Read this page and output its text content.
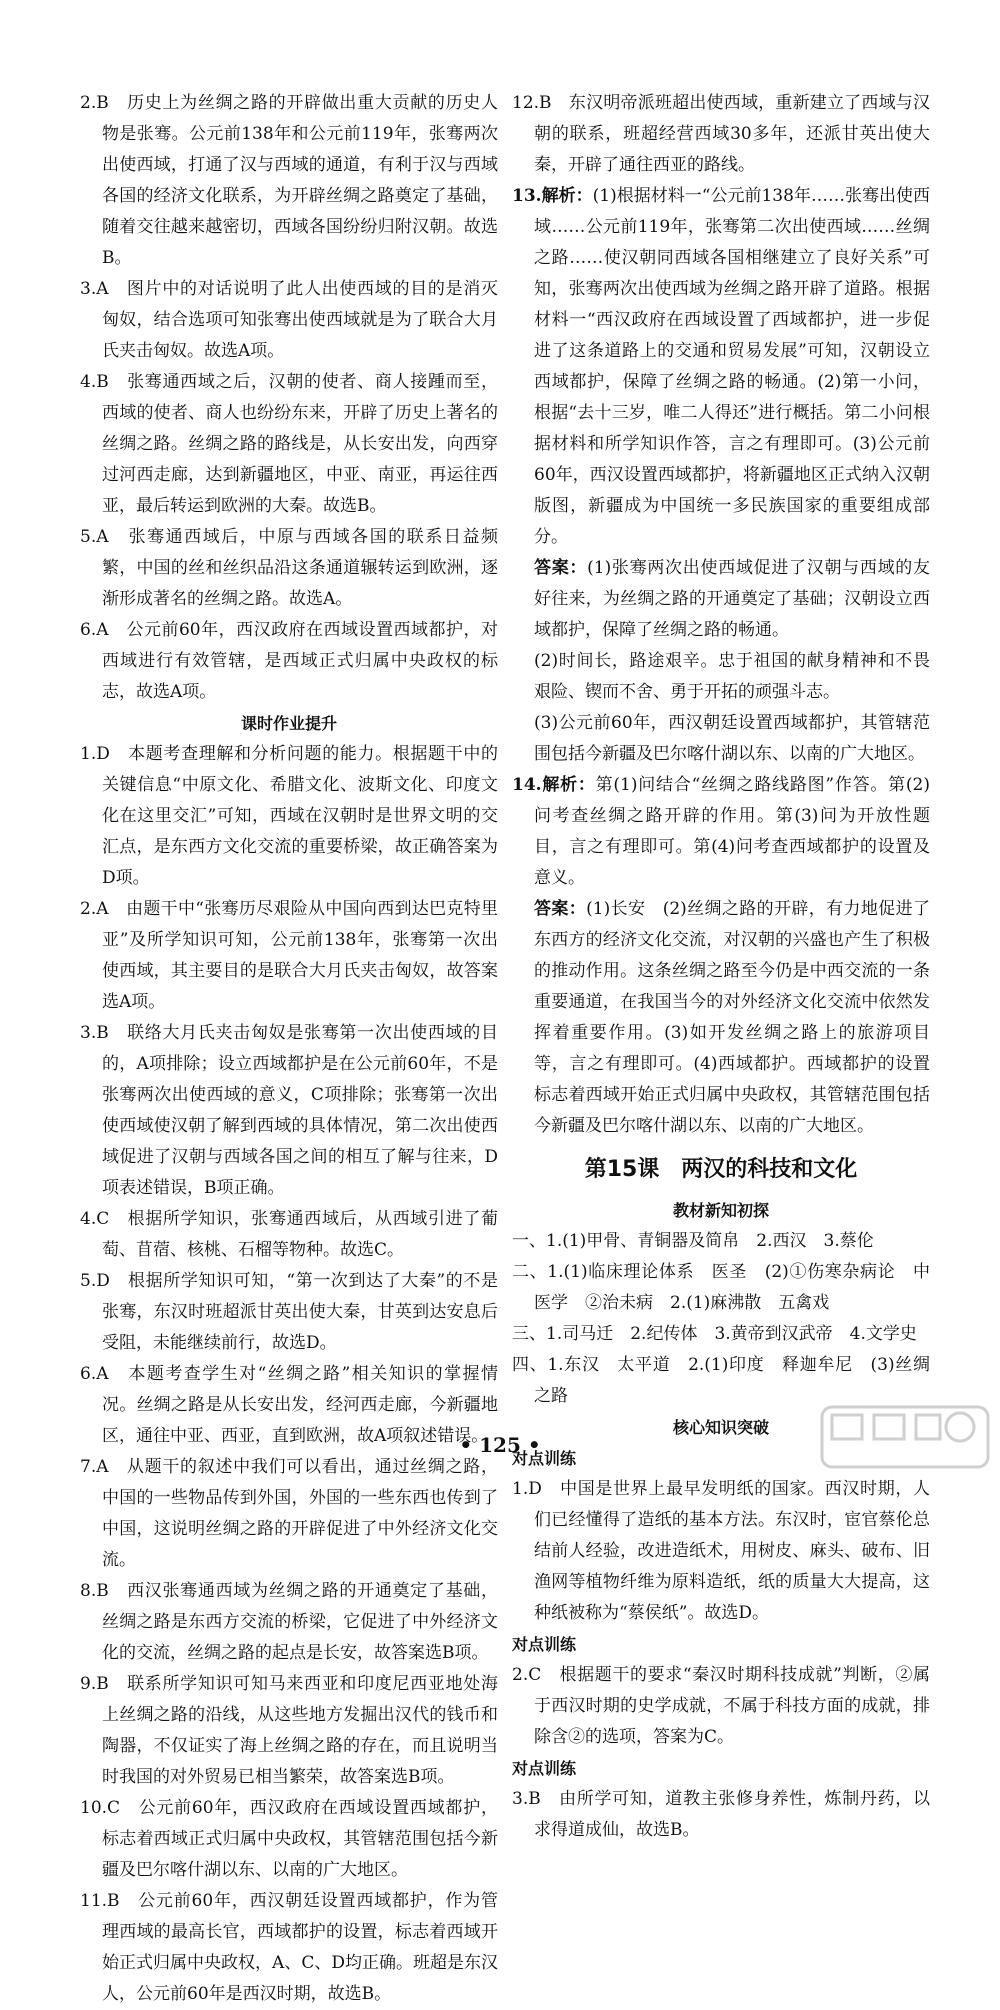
2.B　历史上为丝绸之路的开辟做出重大贡献的历史人物是张骞。公元前138年和公元前119年，张骞两次出使西域，打通了汉与西域的通道，有利于汉与西域各国的经济文化联系，为开辟丝绸之路奠定了基础，随着交往越来越密切，西域各国纷纷归附汉朝。故选B。

3.A　图片中的对话说明了此人出使西域的目的是消灭匈奴，结合选项可知张骞出使西域就是为了联合大月氏夹击匈奴。故选A项。

4.B　张骞通西域之后，汉朝的使者、商人接踵而至，西域的使者、商人也纷纷东来，开辟了历史上著名的丝绸之路。丝绸之路的路线是，从长安出发，向西穿过河西走廊，达到新疆地区，中亚、南亚，再运往西亚，最后转运到欧洲的大秦。故选B。

5.A　张骞通西域后，中原与西域各国的联系日益频繁，中国的丝和丝织品沿这条通道辗转运到欧洲，逐渐形成著名的丝绸之路。故选A。

6.A　公元前60年，西汉政府在西域设置西域都护，对西域进行有效管辖，是西域正式归属中央政权的标志，故选A项。

课时作业提升

1.D　本题考查理解和分析问题的能力。根据题干中的关键信息“中原文化、希腊文化、波斯文化、印度文化在这里交汇”可知，西域在汉朝时是世界文明的交汇点，是东西方文化交流的重要桥梁，故正确答案为D项。

2.A　由题干中“张骞历尽艰险从中国向西到达巴克特里亚”及所学知识可知，公元前138年，张骞第一次出使西域，其主要目的是联合大月氏夹击匈奴，故答案选A项。

3.B　联络大月氏夹击匈奴是张骞第一次出使西域的目的，A项排除；设立西域都护是在公元前60年，不是张骞两次出使西域的意义，C项排除；张骞第一次出使西域使汉朝了解到西域的具体情况，第二次出使西域促进了汉朝与西域各国之间的相互了解与往来，D项表述错误，B项正确。

4.C　根据所学知识，张骞通西域后，从西域引进了葡萄、苜蓿、核桃、石榴等物种。故选C。

5.D　根据所学知识可知，“第一次到达了大秦”的不是张骞，东汉时班超派甘英出使大秦，甘英到达安息后受阻，未能继续前行，故选D。

6.A　本题考查学生对“丝绸之路”相关知识的掌握情况。丝绸之路是从长安出发，经河西走廊，今新疆地区，通往中亚、西亚，直到欧洲，故A项叙述错误。

7.A　从题干的叙述中我们可以看出，通过丝绸之路，中国的一些物品传到外国，外国的一些东西也传到了中国，这说明丝绸之路的开辟促进了中外经济文化交流。

8.B　西汉张骞通西域为丝绸之路的开通奠定了基础，丝绸之路是东西方交流的桥梁，它促进了中外经济文化的交流，丝绸之路的起点是长安，故答案选B项。

9.B　联系所学知识可知马来西亚和印度尼西亚地处海上丝绸之路的沿线，从这些地方发掘出汉代的钱币和陶器，不仅证实了海上丝绸之路的存在，而且说明当时我国的对外贸易已相当繁荣，故答案选B项。

10.C　公元前60年，西汉政府在西域设置西域都护，标志着西域正式归属中央政权，其管辖范围包括今新疆及巴尔喀什湖以东、以南的广大地区。

11.B　公元前60年，西汉朝廷设置西域都护，作为管理西域的最高长官，西域都护的设置，标志着西域开始正式归属中央政权，A、C、D均正确。班超是东汉人，公元前60年是西汉时期，故选B。

12.B　东汉明帝派班超出使西域，重新建立了西域与汉朝的联系，班超经营西域30多年，还派甘英出使大秦，开辟了通往西亚的路线。

13.解析：(1)根据材料一“公元前138年……张骞出使西域……公元前119年，张骞第二次出使西域……丝绸之路……使汉朝同西域各国相继建立了良好关系”可知，张骞两次出使西域为丝绸之路开辟了道路。根据材料一“西汉政府在西域设置了西域都护，进一步促进了这条道路上的交通和贸易发展”可知，汉朝设立西域都护，保障了丝绸之路的畅通。(2)第一小问，根据“去十三岁，唯二人得还”进行概括。第二小问根据材料和所学知识作答，言之有理即可。(3)公元前60年，西汉设置西域都护，将新疆地区正式纳入汉朝版图，新疆成为中国统一多民族国家的重要组成部分。

答案：(1)张骞两次出使西域促进了汉朝与西域的友好往来，为丝绸之路的开通奠定了基础；汉朝设立西域都护，保障了丝绸之路的畅通。

(2)时间长，路途艰辛。忠于祖国的献身精神和不畏艰险、锲而不舍、勇于开拓的顽强斗志。

(3)公元前60年，西汉朝廷设置西域都护，其管辖范围包括今新疆及巴尔喀什湖以东、以南的广大地区。

14.解析：第(1)问结合“丝绸之路线路图”作答。第(2)问考查丝绸之路开辟的作用。第(3)问为开放性题目，言之有理即可。第(4)问考查西域都护的设置及意义。

答案：(1)长安　(2)丝绸之路的开辟，有力地促进了东西方的经济文化交流，对汉朝的兴盛也产生了积极的推动作用。这条丝绸之路至今仍是中西交流的一条重要通道，在我国当今的对外经济文化交流中依然发挥着重要作用。(3)如开发丝绸之路上的旅游项目等，言之有理即可。(4)西域都护。西域都护的设置标志着西域开始正式归属中央政权，其管辖范围包括今新疆及巴尔喀什湖以东、以南的广大地区。

第15课　两汉的科技和文化

教材新知初探

一、1.(1)甲骨、青铜器及简帛　2.西汉　3.蔡伦

二、1.(1)临床理论体系　医圣　(2)①伤寒杂病论　中医学　②治未病　2.(1)麻沸散　五禽戏

三、1.司马迁　2.纪传体　3.黄帝到汉武帝　4.文学史

四、1.东汉　太平道　2.(1)印度　释迦牟尼　(3)丝绸之路

核心知识突破

对点训练

1.D　中国是世界上最早发明纸的国家。西汉时期，人们已经懂得了造纸的基本方法。东汉时，宦官蔡伦总结前人经验，改进造纸术，用树皮、麻头、破布、旧渔网等植物纤维为原料造纸，纸的质量大大提高，这种纸被称为“蔡侯纸”。故选D。

对点训练

2.C　根据题干的要求“秦汉时期科技成就”判断，②属于西汉时期的史学成就，不属于科技方面的成就，排除含②的选项，答案为C。

对点训练

3.B　由所学可知，道教主张修身养性，炼制丹药，以求得道成仙，故选B。

• 125 •
